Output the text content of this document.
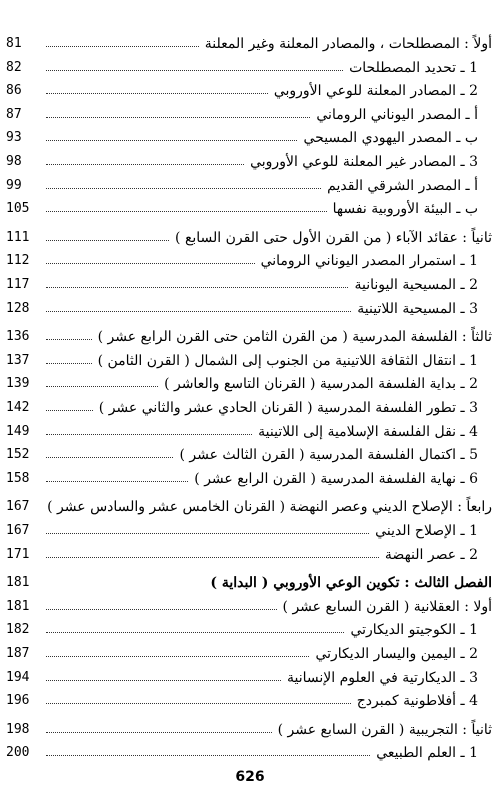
81	أولاً : المصطلحات ، والمصادر المعلنة وغير المعلنة
82	1 ـ تحديد المصطلحات
86	2 ـ المصادر المعلنة للوعي الأوروبي
87	أ ـ المصدر اليوناني الروماني
93	ب ـ المصدر اليهودي المسيحي
98	3 ـ المصادر غير المعلنة للوعي الأوروبي
99	أ ـ المصدر الشرقي القديم
105	ب ـ البيئة الأوروبية نفسها
111	ثانياً : عقائد الآباء ( من القرن الأول حتى القرن السابع )
112	1 ـ استمرار المصدر اليوناني الروماني
117	2 ـ المسيحية اليونانية
128	3 ـ المسيحية اللاتينية
136	ثالثاً : الفلسفة المدرسية ( من القرن الثامن حتى القرن الرابع عشر )
137	1 ـ انتقال الثقافة اللاتينية من الجنوب إلى الشمال ( القرن الثامن )
139	2 ـ بداية الفلسفة المدرسية ( القرنان التاسع والعاشر )
142	3 ـ تطور الفلسفة المدرسية ( القرنان الحادي عشر والثاني عشر )
149	4 ـ نقل الفلسفة الإسلامية إلى اللاتينية
152	5 ـ اكتمال الفلسفة المدرسية ( القرن الثالث عشر )
158	6 ـ نهاية الفلسفة المدرسية ( القرن الرابع عشر )
167	رابعاً : الإصلاح الديني وعصر النهضة ( القرنان الخامس عشر والسادس عشر )
167	1 ـ الإصلاح الديني
171	2 ـ عصر النهضة
181	الفصل الثالث : تكوين الوعي الأوروبي ( البداية )
181	أولا : العقلانية ( القرن السابع عشر )
182	1 ـ الكوجيتو الديكارتي
187	2 ـ اليمين واليسار الديكارتي
194	3 ـ الديكارتية في العلوم الإنسانية
196	4 ـ أفلاطونية كمبردج
198	ثانياً : التجريبية ( القرن السابع عشر )
200	1 ـ العلم الطبيعي
626
